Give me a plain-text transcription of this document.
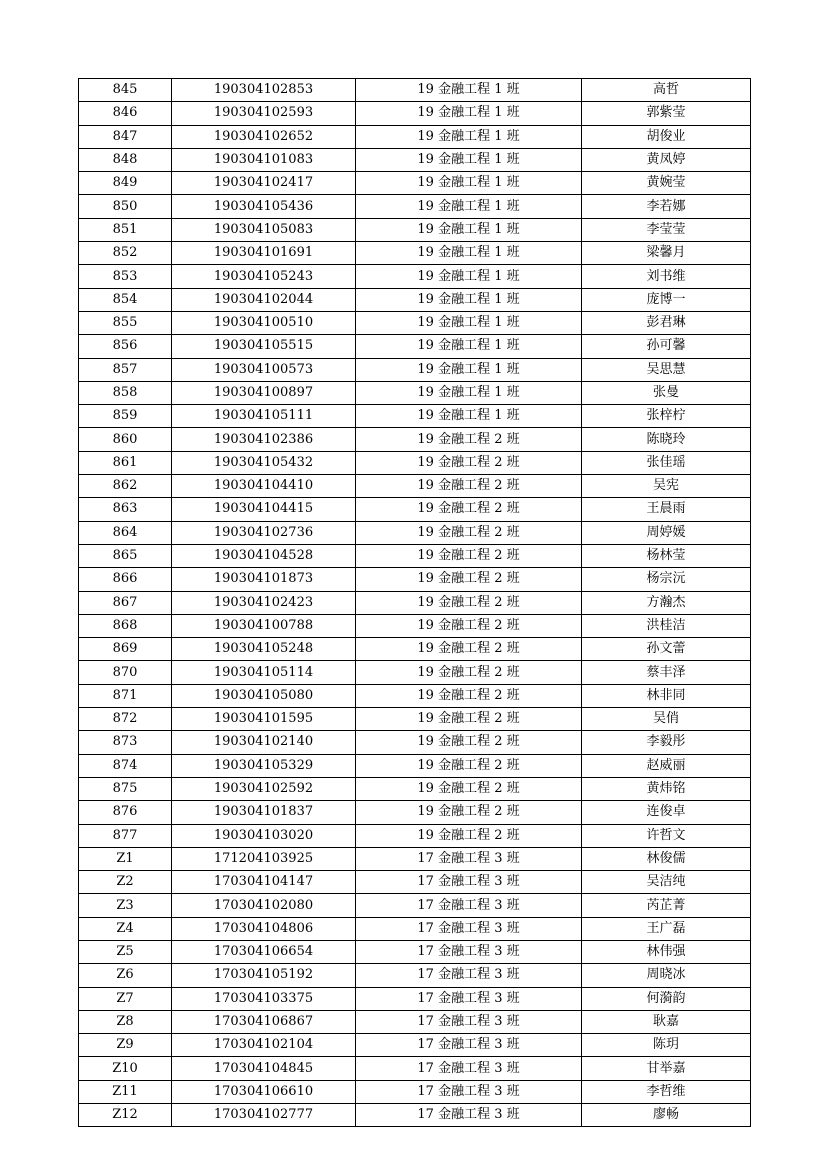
845	190304102853	19 金融工程 1 班	高哲
846	190304102593	19 金融工程 1 班	郭紫莹
847	190304102652	19 金融工程 1 班	胡俊业
848	190304101083	19 金融工程 1 班	黄凤婷
849	190304102417	19 金融工程 1 班	黄婉莹
850	190304105436	19 金融工程 1 班	李若娜
851	190304105083	19 金融工程 1 班	李莹莹
852	190304101691	19 金融工程 1 班	梁馨月
853	190304105243	19 金融工程 1 班	刘书维
854	190304102044	19 金融工程 1 班	庞博一
855	190304100510	19 金融工程 1 班	彭君琳
856	190304105515	19 金融工程 1 班	孙可馨
857	190304100573	19 金融工程 1 班	吴思慧
858	190304100897	19 金融工程 1 班	张曼
859	190304105111	19 金融工程 1 班	张梓柠
860	190304102386	19 金融工程 2 班	陈晓玲
861	190304105432	19 金融工程 2 班	张佳瑶
862	190304104410	19 金融工程 2 班	吴宪
863	190304104415	19 金融工程 2 班	王晨雨
864	190304102736	19 金融工程 2 班	周婷媛
865	190304104528	19 金融工程 2 班	杨林莹
866	190304101873	19 金融工程 2 班	杨宗沅
867	190304102423	19 金融工程 2 班	方瀚杰
868	190304100788	19 金融工程 2 班	洪桂洁
869	190304105248	19 金融工程 2 班	孙文蕾
870	190304105114	19 金融工程 2 班	蔡丰泽
871	190304105080	19 金融工程 2 班	林非同
872	190304101595	19 金融工程 2 班	吴俏
873	190304102140	19 金融工程 2 班	李毅彤
874	190304105329	19 金融工程 2 班	赵威丽
875	190304102592	19 金融工程 2 班	黄炜铭
876	190304101837	19 金融工程 2 班	连俊卓
877	190304103020	19 金融工程 2 班	许哲文
Z1	171204103925	17 金融工程 3 班	林俊儒
Z2	170304104147	17 金融工程 3 班	吴洁纯
Z3	170304102080	17 金融工程 3 班	芮芷菁
Z4	170304104806	17 金融工程 3 班	王广磊
Z5	170304106654	17 金融工程 3 班	林伟强
Z6	170304105192	17 金融工程 3 班	周晓冰
Z7	170304103375	17 金融工程 3 班	何漪韵
Z8	170304106867	17 金融工程 3 班	耿嘉
Z9	170304102104	17 金融工程 3 班	陈玥
Z10	170304104845	17 金融工程 3 班	甘举嘉
Z11	170304106610	17 金融工程 3 班	李哲维
Z12	170304102777	17 金融工程 3 班	廖畅
